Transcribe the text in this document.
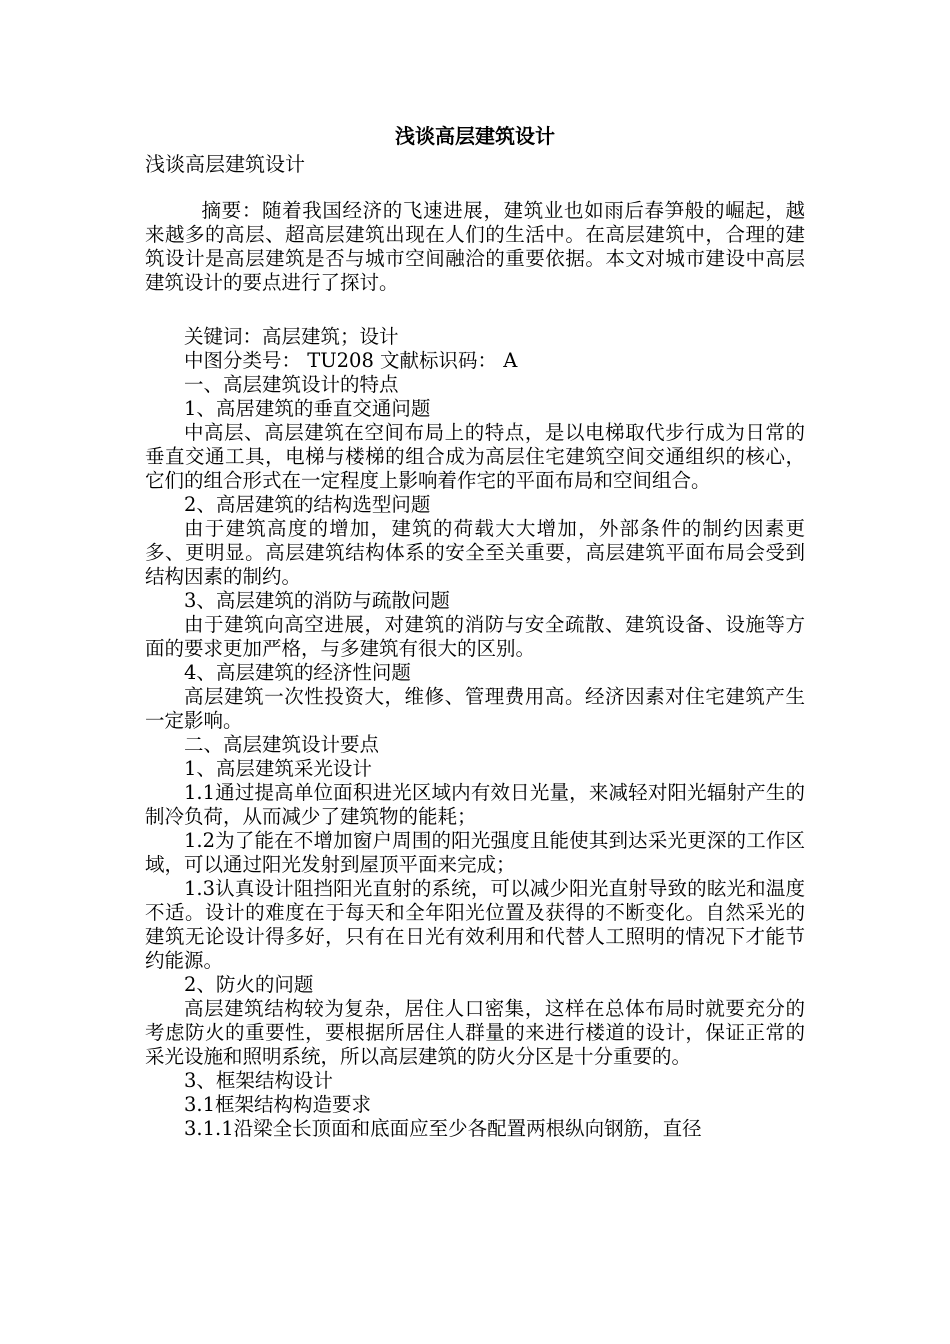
浅谈高层建筑设计
浅谈高层建筑设计

摘要：随着我国经济的飞速进展，建筑业也如雨后春笋般的崛起，越来越多的高层、超高层建筑出现在人们的生活中。在高层建筑中，合理的建筑设计是高层建筑是否与城市空间融洽的重要依据。本文对城市建设中高层建筑设计的要点进行了探讨。

关键词：高层建筑；设计

中图分类号： TU208 文献标识码： A

一、高层建筑设计的特点

1、高居建筑的垂直交通问题

中高层、高层建筑在空间布局上的特点，是以电梯取代步行成为日常的垂直交通工具，电梯与楼梯的组合成为高层住宅建筑空间交通组织的核心，它们的组合形式在一定程度上影响着作宅的平面布局和空间组合。

2、高居建筑的结构选型问题

由于建筑高度的增加，建筑的荷载大大增加，外部条件的制约因素更多、更明显。高层建筑结构体系的安全至关重要，高层建筑平面布局会受到结构因素的制约。

3、高层建筑的消防与疏散问题

由于建筑向高空进展，对建筑的消防与安全疏散、建筑设备、设施等方面的要求更加严格，与多建筑有很大的区别。

4、高层建筑的经济性问题

高层建筑一次性投资大，维修、管理费用高。经济因素对住宅建筑产生一定影响。

二、高层建筑设计要点

1、高层建筑采光设计

1.1通过提高单位面积进光区域内有效日光量，来减轻对阳光辐射产生的制冷负荷，从而减少了建筑物的能耗；

1.2为了能在不增加窗户周围的阳光强度且能使其到达采光更深的工作区域，可以通过阳光发射到屋顶平面来完成；

1.3认真设计阻挡阳光直射的系统，可以减少阳光直射导致的眩光和温度不适。设计的难度在于每天和全年阳光位置及获得的不断变化。自然采光的建筑无论设计得多好，只有在日光有效利用和代替人工照明的情况下才能节约能源。

2、防火的问题

高层建筑结构较为复杂，居住人口密集，这样在总体布局时就要充分的考虑防火的重要性，要根据所居住人群量的来进行楼道的设计，保证正常的采光设施和照明系统，所以高层建筑的防火分区是十分重要的。

3、框架结构设计

3.1框架结构构造要求

3.1.1沿梁全长顶面和底面应至少各配置两根纵向钢筋，直径
